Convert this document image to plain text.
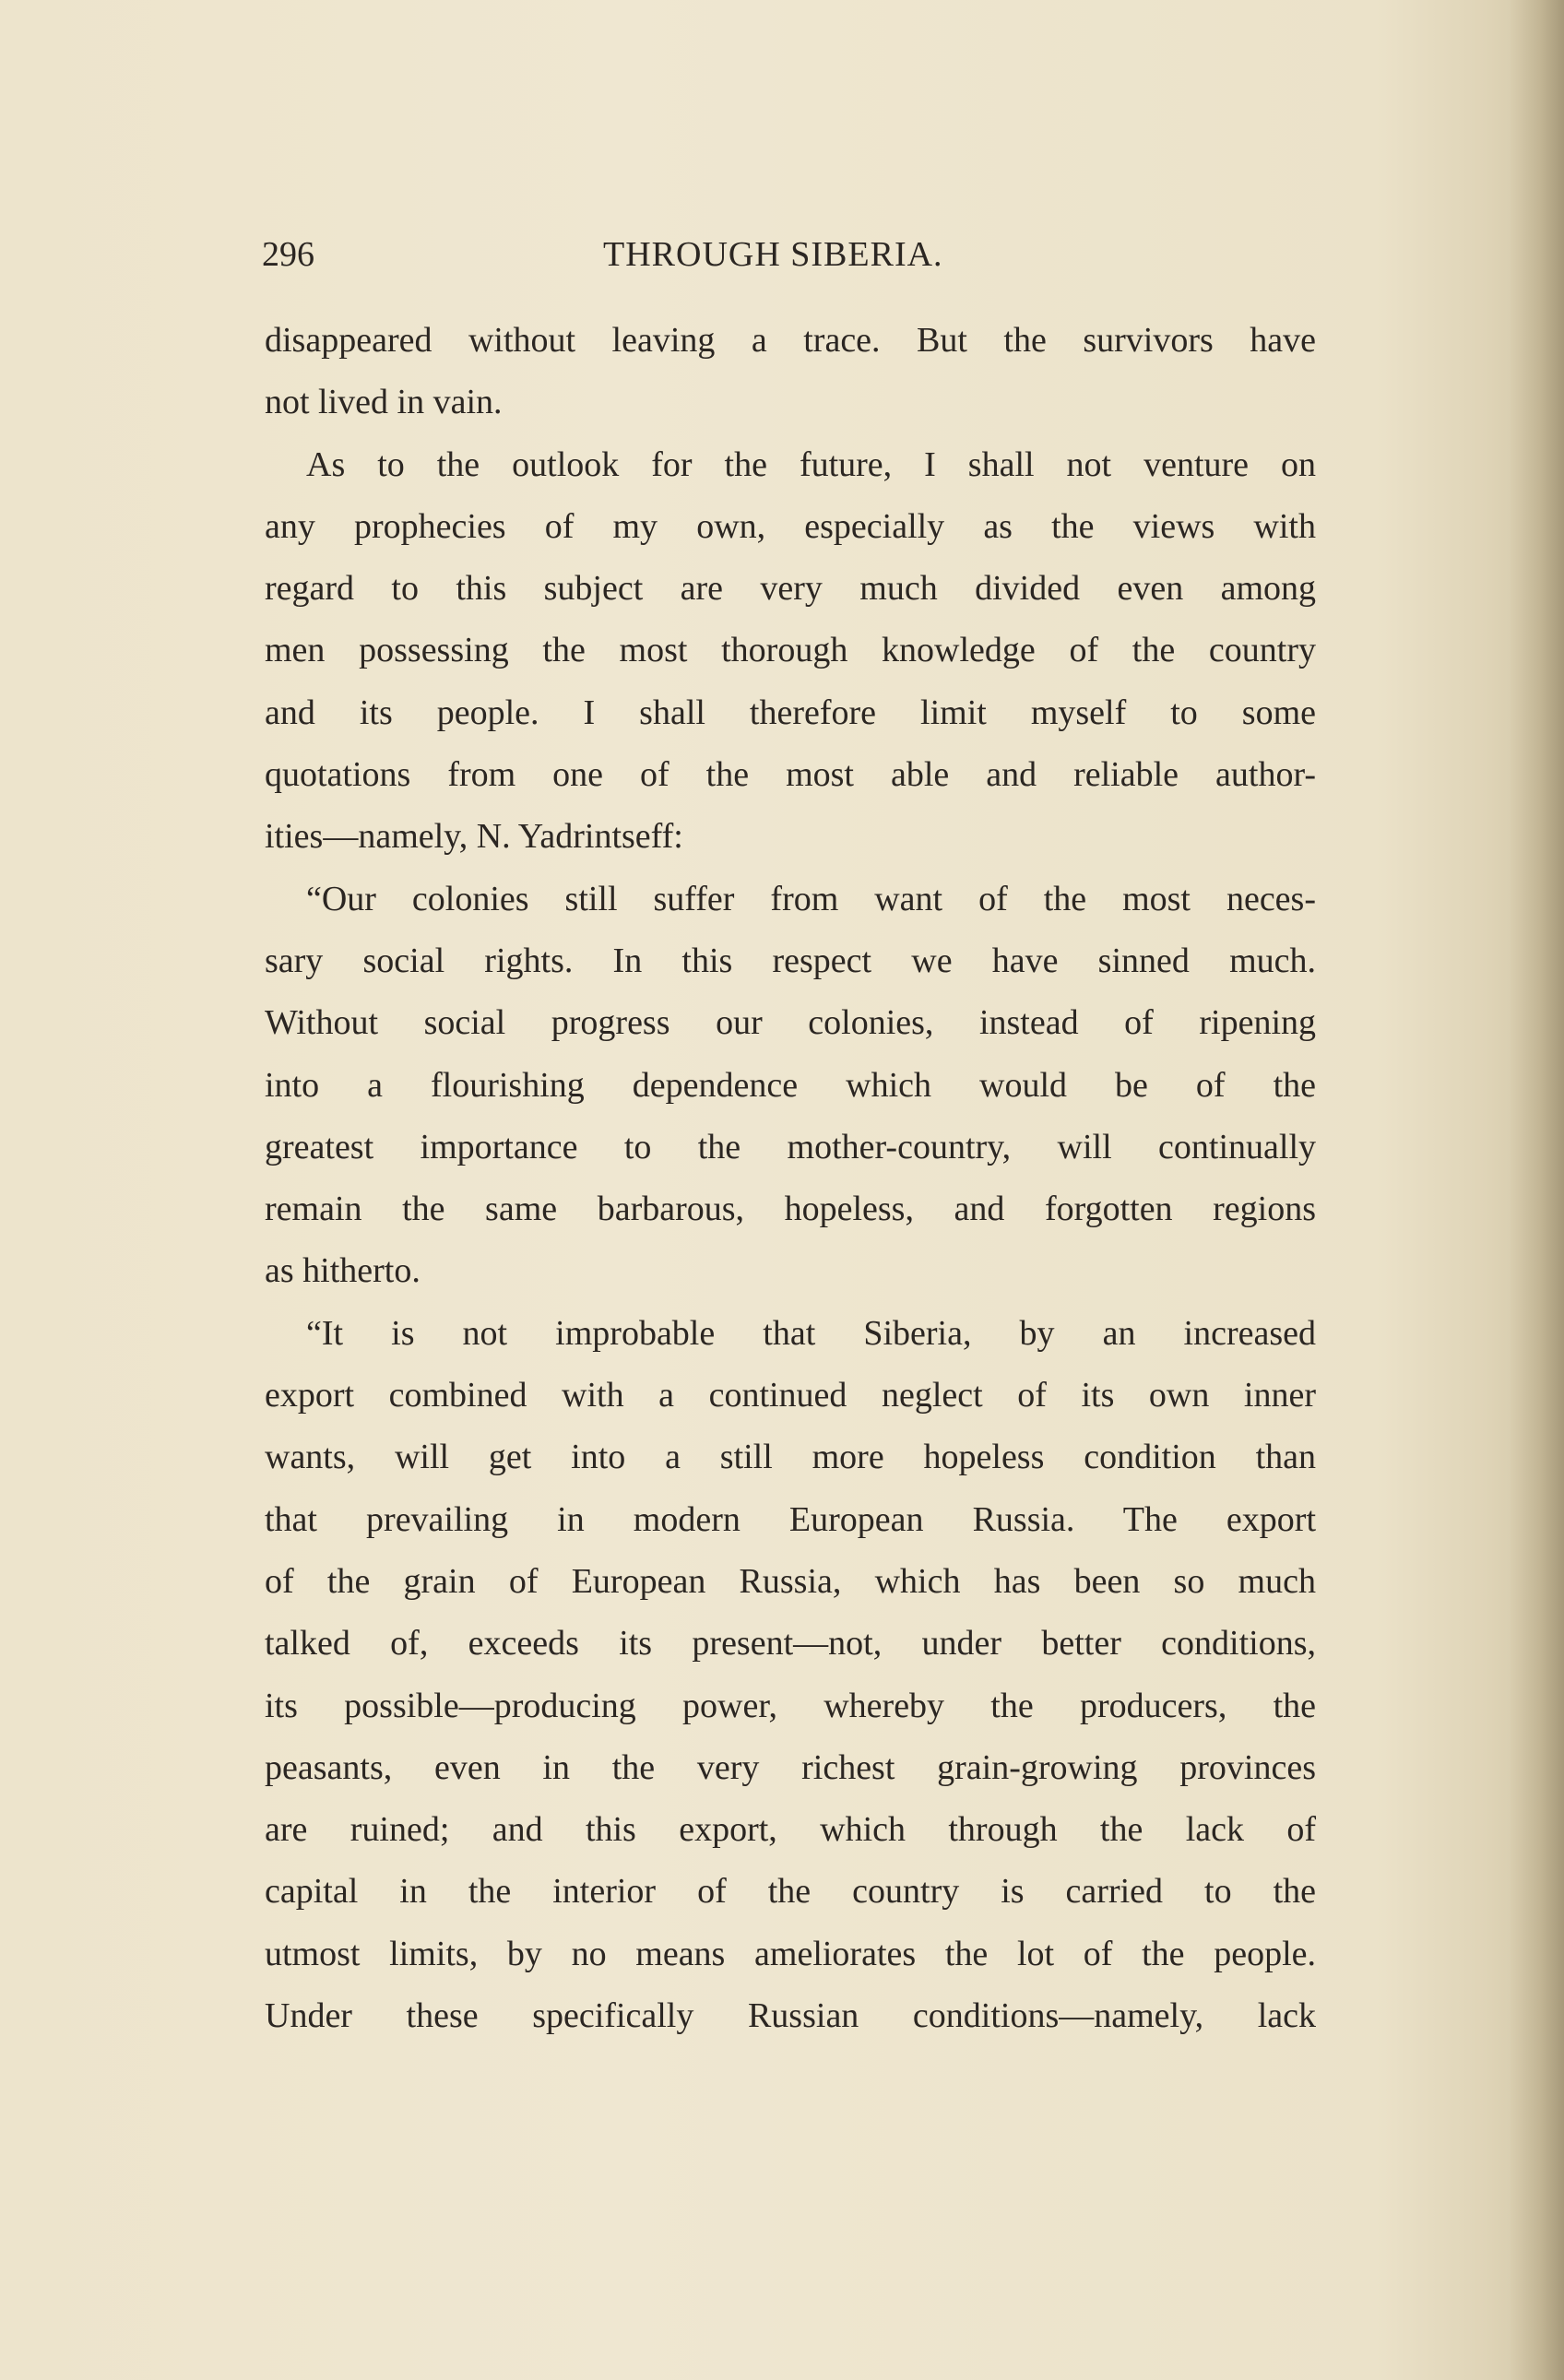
296	THROUGH SIBERIA.
disappeared without leaving a trace. But the survivors have
not lived in vain.
As to the outlook for the future, I shall not venture on
any prophecies of my own, especially as the views with
regard to this subject are very much divided even among
men possessing the most thorough knowledge of the country
and its people. I shall therefore limit myself to some
quotations from one of the most able and reliable author-
ities—namely, N. Yadrintseff:
“Our colonies still suffer from want of the most neces-
sary social rights. In this respect we have sinned much.
Without social progress our colonies, instead of ripening
into a flourishing dependence which would be of the
greatest importance to the mother-country, will continually
remain the same barbarous, hopeless, and forgotten regions
as hitherto.
“It is not improbable that Siberia, by an increased
export combined with a continued neglect of its own inner
wants, will get into a still more hopeless condition than
that prevailing in modern European Russia. The export
of the grain of European Russia, which has been so much
talked of, exceeds its present—not, under better conditions,
its possible—producing power, whereby the producers, the
peasants, even in the very richest grain-growing provinces
are ruined; and this export, which through the lack of
capital in the interior of the country is carried to the
utmost limits, by no means ameliorates the lot of the people.
Under these specifically Russian conditions—namely, lack
